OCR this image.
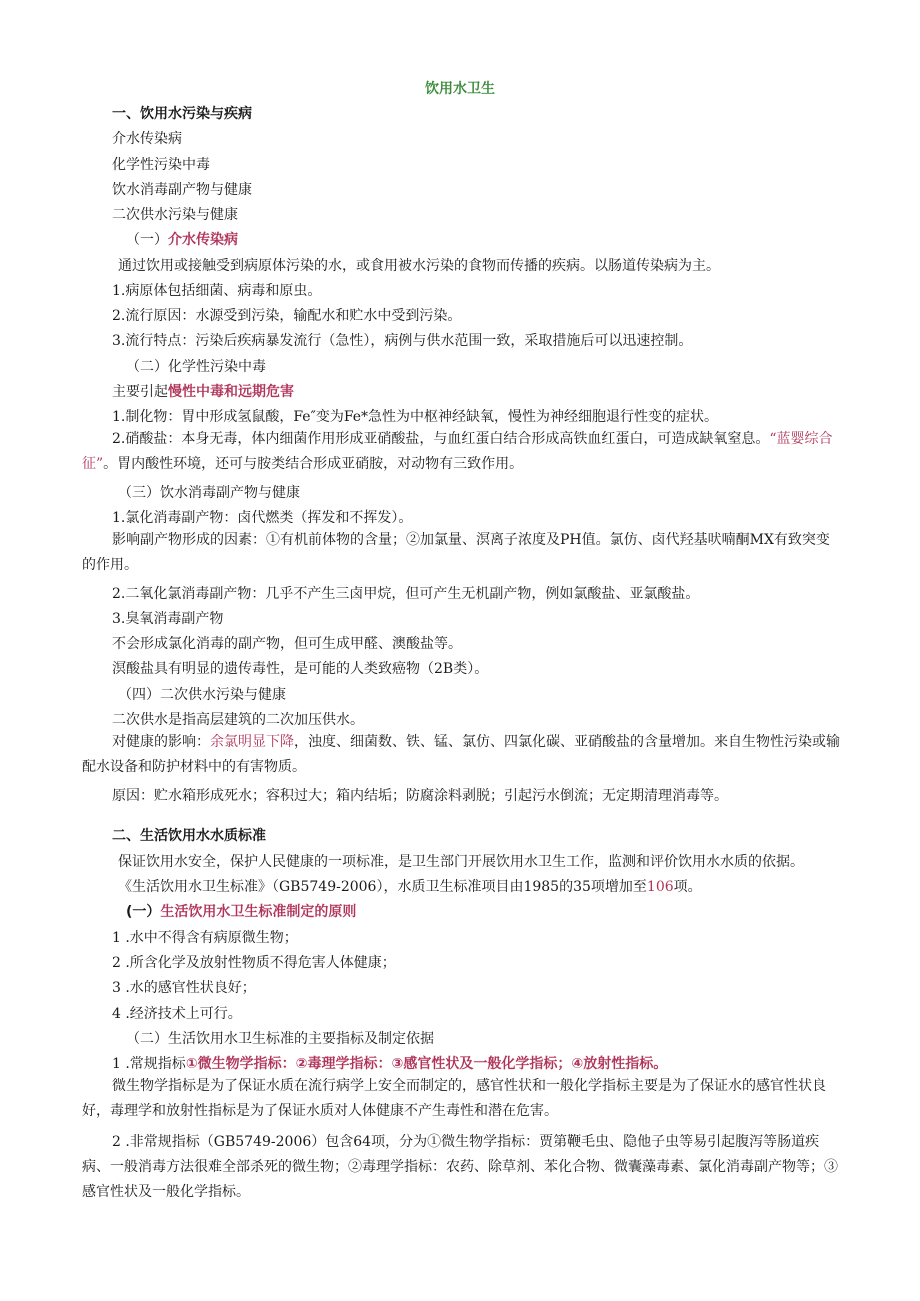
饮用水卫生
一、饮用水污染与疾病
介水传染病
化学性污染中毒
饮水消毒副产物与健康
二次供水污染与健康
（一）介水传染病
通过饮用或接触受到病原体污染的水，或食用被水污染的食物而传播的疾病。以肠道传染病为主。
1.病原体包括细菌、病毒和原虫。
2.流行原因：水源受到污染，输配水和贮水中受到污染。
3.流行特点：污染后疾病暴发流行（急性），病例与供水范围一致，采取措施后可以迅速控制。
（二）化学性污染中毒
主要引起慢性中毒和远期危害
1.制化物：胃中形成氢鼠酸，Fe″变为Fe*急性为中枢神经缺氧，慢性为神经细胞退行性变的症状。
2.硝酸盐：本身无毒，体内细菌作用形成亚硝酸盐，与血红蛋白结合形成高铁血红蛋白，可造成缺氧窒息。“蓝婴综合征”。胃内酸性环境，还可与胺类结合形成亚硝胺，对动物有三致作用。
（三）饮水消毒副产物与健康
1.氯化消毒副产物：卤代燃类（挥发和不挥发）。
影响副产物形成的因素：①有机前体物的含量；②加氯量、溟离子浓度及PH值。氯仿、卤代羟基吠喃酮MX有致突变的作用。
2.二氧化氯消毒副产物：几乎不产生三卤甲烷，但可产生无机副产物，例如氯酸盐、亚氯酸盐。
3.臭氧消毒副产物
不会形成氯化消毒的副产物，但可生成甲醛、澳酸盐等。
溟酸盐具有明显的遗传毒性，是可能的人类致癌物（2B类）。
（四）二次供水污染与健康
二次供水是指高层建筑的二次加压供水。
对健康的影响：余氯明显下降，浊度、细菌数、铁、锰、氯仿、四氯化碳、亚硝酸盐的含量增加。来自生物性污染或输配水设备和防护材料中的有害物质。
原因：贮水箱形成死水；容积过大；箱内结垢；防腐涂料剥脱；引起污水倒流；无定期清理消毒等。
二、生活饮用水水质标准
保证饮用水安全，保护人民健康的一项标准，是卫生部门开展饮用水卫生工作，监测和评价饮用水水质的依据。
《生活饮用水卫生标准》（GB5749-2006），水质卫生标准项目由1985的35项增加至106项。
(一）生活饮用水卫生标准制定的原则
1 .水中不得含有病原微生物；
2 .所含化学及放射性物质不得危害人体健康；
3 .水的感官性状良好；
4 .经济技术上可行。
（二）生活饮用水卫生标准的主要指标及制定依据
1 .常规指标①微生物学指标：②毒理学指标：③感官性状及一般化学指标；④放射性指标。
微生物学指标是为了保证水质在流行病学上安全而制定的，感官性状和一般化学指标主要是为了保证水的感官性状良好，毒理学和放射性指标是为了保证水质对人体健康不产生毒性和潜在危害。
2 .非常规指标（GB5749-2006）包含64项，分为①微生物学指标：贾第鞭毛虫、隐他子虫等易引起腹泻等肠道疾病、一般消毒方法很难全部杀死的微生物；②毒理学指标：农药、除草剂、苯化合物、微囊藻毒素、氯化消毒副产物等；③感官性状及一般化学指标。
